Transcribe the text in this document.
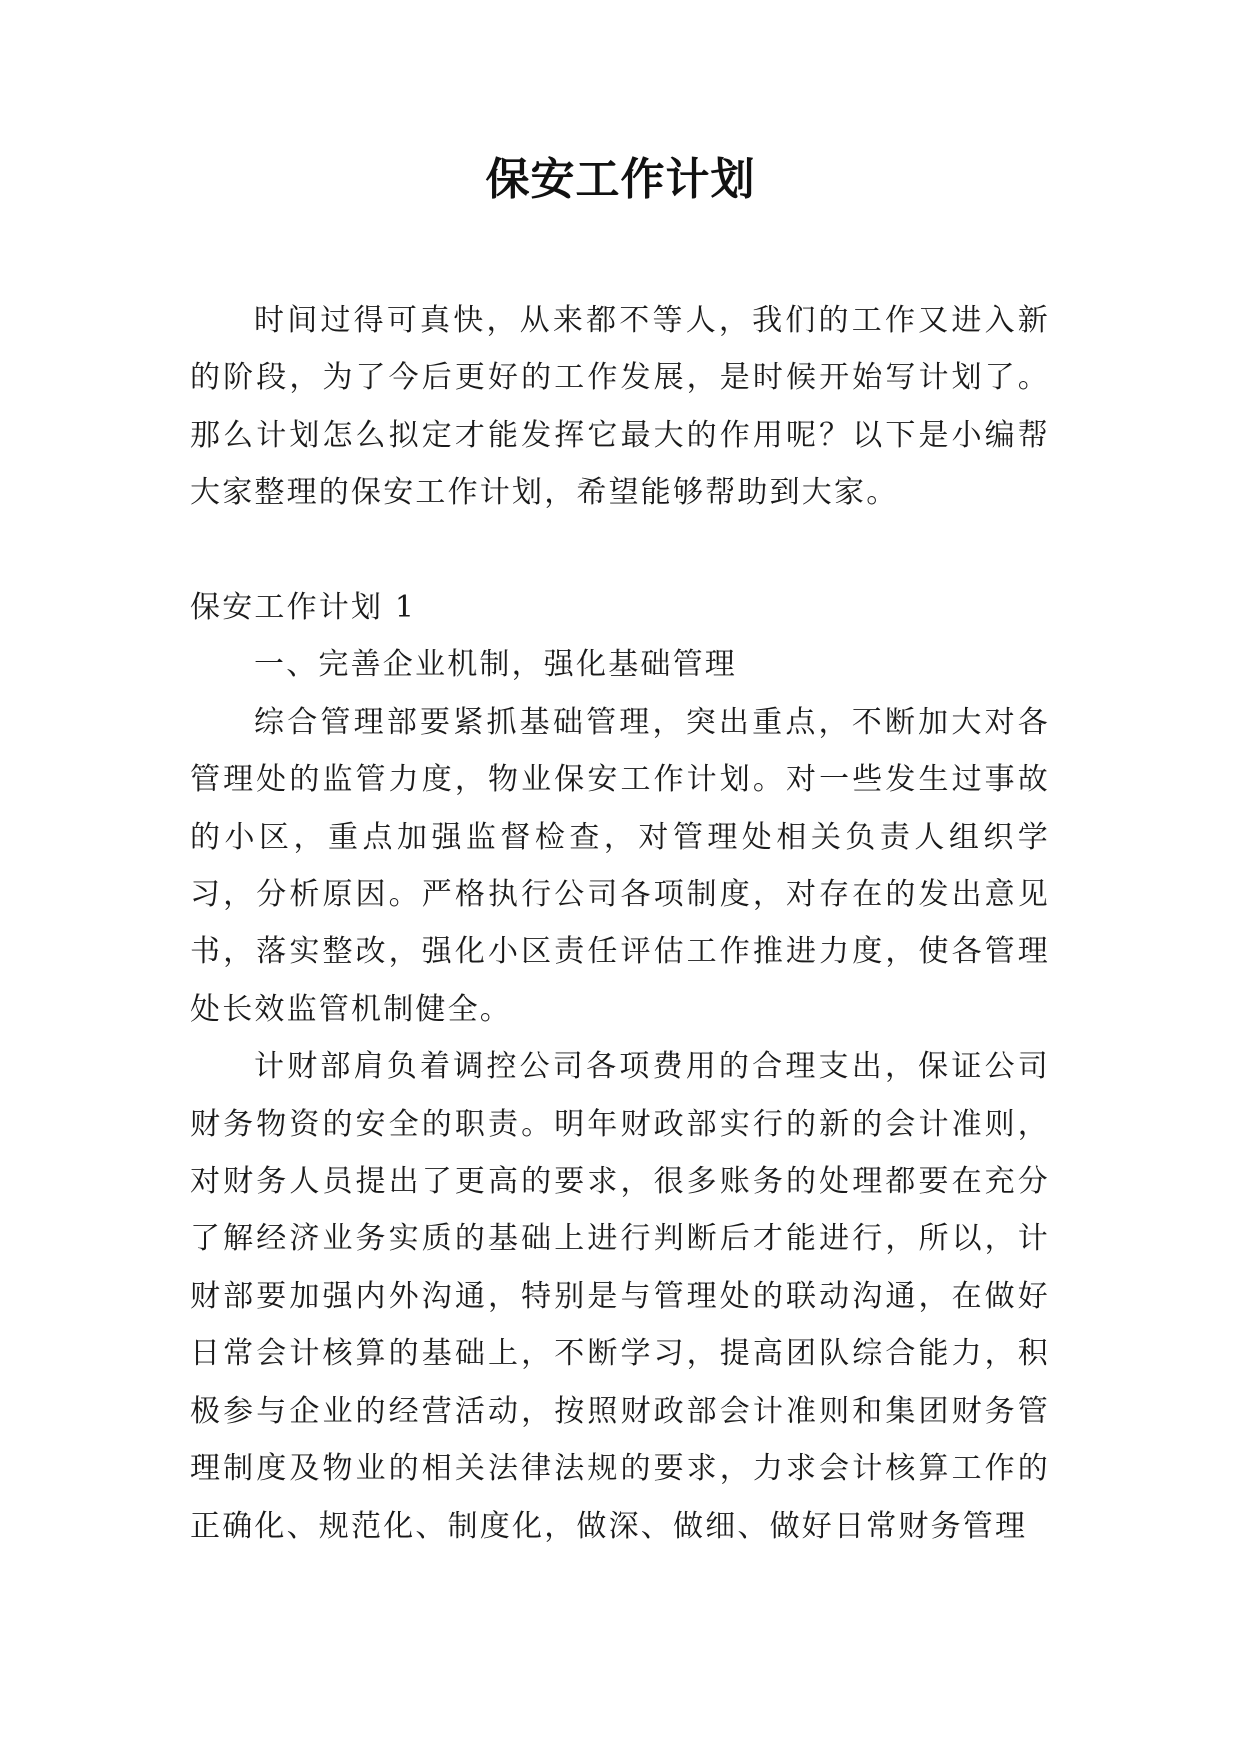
保安工作计划

时间过得可真快，从来都不等人，我们的工作又进入新的阶段，为了今后更好的工作发展，是时候开始写计划了。那么计划怎么拟定才能发挥它最大的作用呢？以下是小编帮大家整理的保安工作计划，希望能够帮助到大家。

保安工作计划 1

一、完善企业机制，强化基础管理

综合管理部要紧抓基础管理，突出重点，不断加大对各管理处的监管力度，物业保安工作计划。对一些发生过事故的小区，重点加强监督检查，对管理处相关负责人组织学习，分析原因。严格执行公司各项制度，对存在的发出意见书，落实整改，强化小区责任评估工作推进力度，使各管理处长效监管机制健全。

计财部肩负着调控公司各项费用的合理支出，保证公司财务物资的安全的职责。明年财政部实行的新的会计准则，对财务人员提出了更高的要求，很多账务的处理都要在充分了解经济业务实质的基础上进行判断后才能进行，所以，计财部要加强内外沟通，特别是与管理处的联动沟通，在做好日常会计核算的基础上，不断学习，提高团队综合能力，积极参与企业的经营活动，按照财政部会计准则和集团财务管理制度及物业的相关法律法规的要求，力求会计核算工作的正确化、规范化、制度化，做深、做细、做好日常财务管理
